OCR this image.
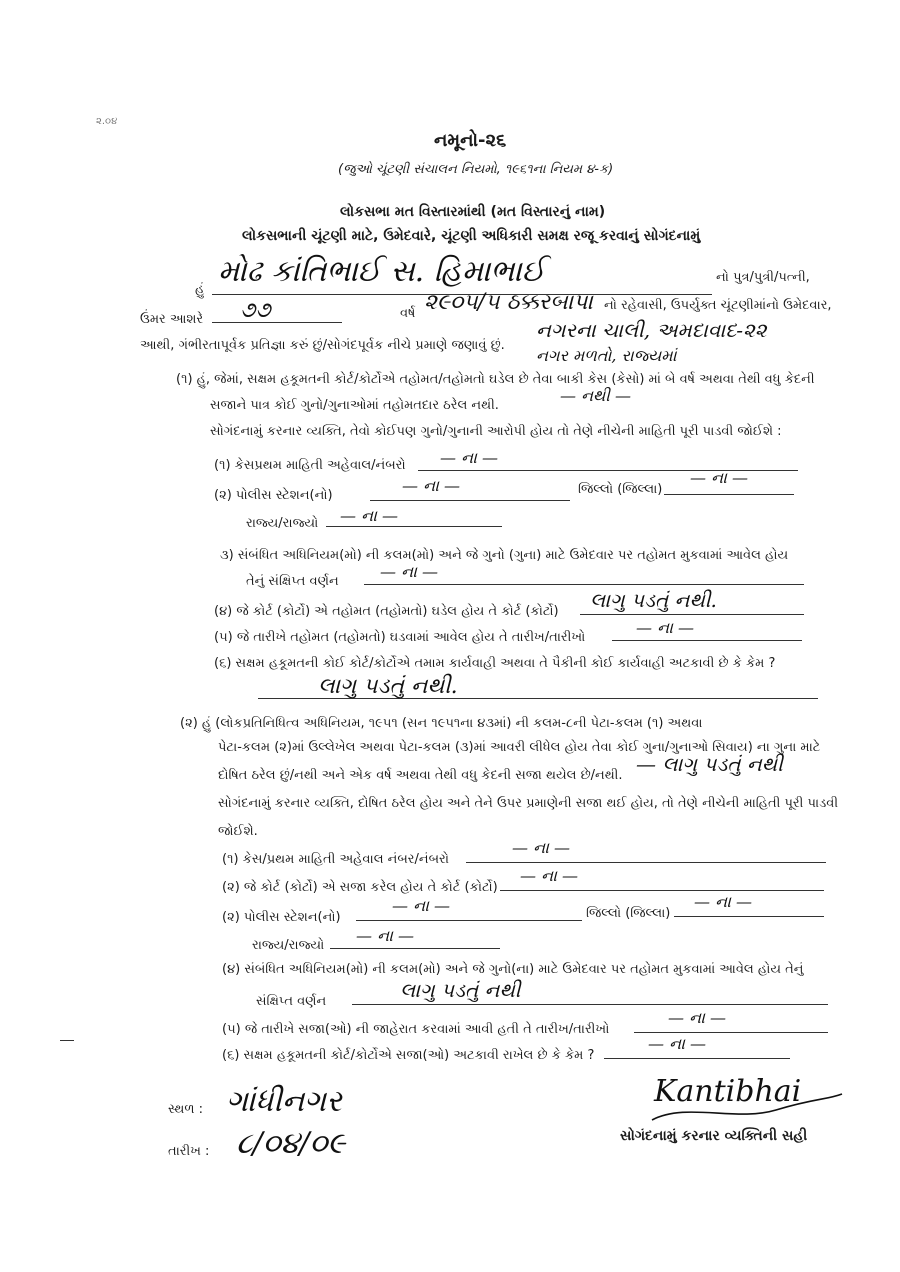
૨.૦૪
નમૂનો-૨૬
(જુઓ ચૂંટણી સંચાલન નિયમો, ૧૯૬૧ના નિયમ ૪-ક)
લોકસભા મત વિસ્તારમાંથી (મત વિસ્તારનું નામ)
લોકસભાની ચૂંટણી માટે, ઉમેદવારે, ચૂંટણી અધિકારી સમક્ષ રજૂ કરવાનું સોગંદનામું
હું
મોઢ કાંતિભાઈ સ. હિમાભાઈ	નો પુત્ર/પુત્રી/પત્ની,
ઉંમર આશરે ૭૭	વર્ષ ૨૯૦૫/૫ ઠક્કરબાપા નો રહેવાસી, ઉપર્યુક્ત ચૂંટણીમાંનો ઉમેદવાર,
નગરના ચાલી, અમદાવાદ-૨૨
નગર મળતો, રાજ્યમાં
આથી, ગંભીરતાપૂર્વક પ્રતિજ્ઞા કરું છું/સોગંદપૂર્વક નીચે પ્રમાણે જણાવું છું.
(૧) હું, જેમાં, સક્ષમ હકૂમતની કોર્ટ/કોર્ટોએ તહોમત/તહોમતો ઘડેલ છે તેવા બાકી કેસ (કેસો) માં બે વર્ષ અથવા તેથી વધુ કેદની
સજાને પાત્ર કોઈ ગુનો/ગુનાઓમાં તહોમતદાર ઠરેલ નથી.
— નથી —
સોગંદનામું કરનાર વ્યક્તિ, તેવો કોઈપણ ગુનો/ગુનાની આરોપી હોય તો તેણે નીચેની માહિતી પૂરી પાડવી જોઈશે :
(૧) કેસપ્રથમ માહિતી અહેવાલ/નંબરો — ના —
(૨) પોલીસ સ્ટેશન(નો)
— ના —	જિલ્લો (જિલ્લા)
— ના —
રાજ્ય/રાજ્યો — ના —
૩) સંબંધિત અધિનિયમ(મો) ની કલમ(મો) અને જે ગુનો (ગુના) માટે ઉમેદવાર પર તહોમત મુકવામાં આવેલ હોય
તેનું સંક્ષિપ્ત વર્ણન
— ના —
(૪) જે કોર્ટ (કોર્ટો) એ તહોમત (તહોમતો) ઘડેલ હોય તે કોર્ટ (કોર્ટો) લાગુ પડતું નથી.
(૫) જે તારીખે તહોમત (તહોમતો) ઘડવામાં આવેલ હોય તે તારીખ/તારીખો
— ના —
(૬) સક્ષમ હકૂમતની કોઈ કોર્ટ/કોર્ટોએ તમામ કાર્યવાહી અથવા તે પૈકીની કોઈ કાર્યવાહી અટકાવી છે કે કેમ ?
લાગુ પડતું નથી.
(૨) હું (લોકપ્રતિનિધિત્વ અધિનિયમ, ૧૯૫૧ (સન ૧૯૫૧ના ૪૩માં) ની કલમ-૮ની પેટા-કલમ (૧) અથવા
પેટા-કલમ (૨)માં ઉલ્લેખેલ અથવા પેટા-કલમ (૩)માં આવરી લીધેલ હોય તેવા કોઈ ગુના/ગુનાઓ સિવાય) ના ગુના માટે
દોષિત ઠરેલ છું/નથી અને એક વર્ષ અથવા તેથી વધુ કેદની સજા થયેલ છે/નથી. — લાગુ પડતું નથી
સોગંદનામું કરનાર વ્યક્તિ, દોષિત ઠરેલ હોય અને તેને ઉપર પ્રમાણેની સજા થઈ હોય, તો તેણે નીચેની માહિતી પૂરી પાડવી
જોઈશે.
(૧) કેસ/પ્રથમ માહિતી અહેવાલ નંબર/નંબરો
— ના —
(૨) જે કોર્ટ (કોર્ટો) એ સજા કરેલ હોય તે કોર્ટ (કોર્ટો)
— ના —
(૨) પોલીસ સ્ટેશન(નો)
— ના —	જિલ્લો (જિલ્લા)
— ના —
રાજ્ય/રાજ્યો
— ના —
(૪) સંબંધિત અધિનિયમ(મો) ની કલમ(મો) અને જે ગુનો(ના) માટે ઉમેદવાર પર તહોમત મુકવામાં આવેલ હોય તેનું
સંક્ષિપ્ત વર્ણન	લાગુ પડતું નથી
(૫) જે તારીખે સજા(ઓ) ની જાહેરાત કરવામાં આવી હતી તે તારીખ/તારીખો
— ના —
(૬) સક્ષમ હકૂમતની કોર્ટ/કોર્ટોએ સજા(ઓ) અટકાવી રાખેલ છે કે કેમ ?
— ના —
સ્થળ : ગાંધીનગર
તારીખ : ૮/૦૪/૦૯
Kantibhai
સોગંદનામું કરનાર વ્યક્તિની સહી
